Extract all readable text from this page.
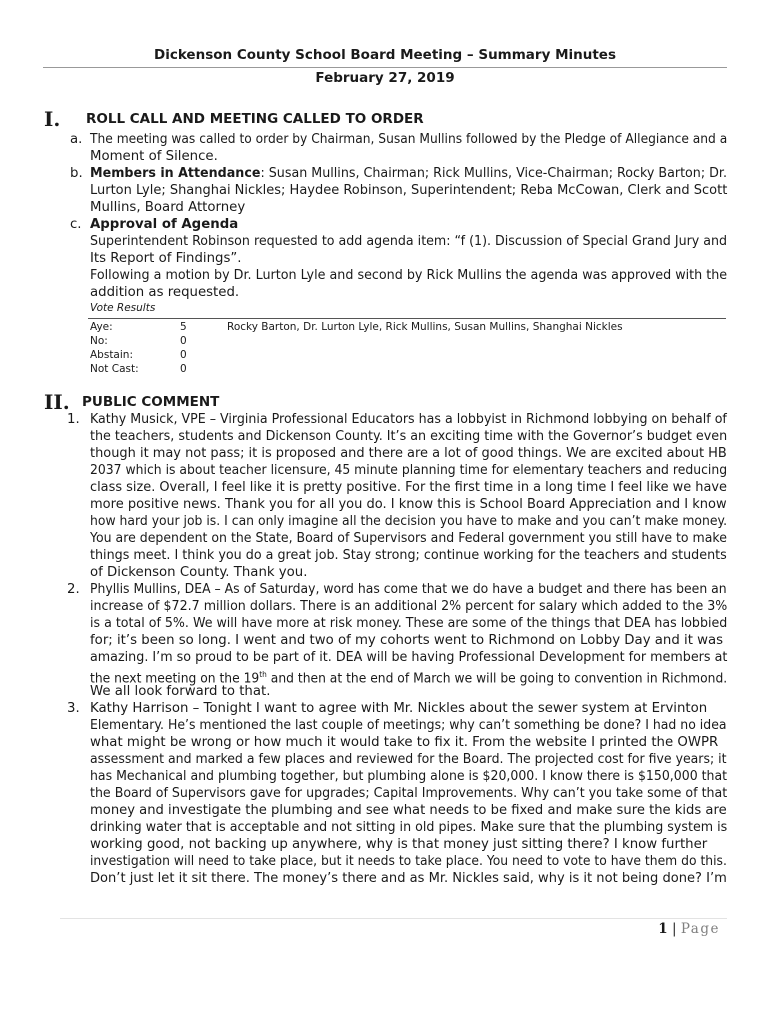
Dickenson County School Board Meeting – Summary Minutes
February 27, 2019
I. ROLL CALL AND MEETING CALLED TO ORDER
a. The meeting was called to order by Chairman, Susan Mullins followed by the Pledge of Allegiance and a
Moment of Silence.
b. Members in Attendance: Susan Mullins, Chairman; Rick Mullins, Vice-Chairman; Rocky Barton; Dr.
Lurton Lyle; Shanghai Nickles; Haydee Robinson, Superintendent; Reba McCowan, Clerk and Scott
Mullins, Board Attorney
c. Approval of Agenda
Superintendent Robinson requested to add agenda item: “f (1). Discussion of Special Grand Jury and
Its Report of Findings”.
Following a motion by Dr. Lurton Lyle and second by Rick Mullins the agenda was approved with the
addition as requested.
Vote Results
Aye:	5	Rocky Barton, Dr. Lurton Lyle, Rick Mullins, Susan Mullins, Shanghai Nickles
No:	0
Abstain:	0
Not Cast:	0
II. PUBLIC COMMENT
1. Kathy Musick, VPE – Virginia Professional Educators has a lobbyist in Richmond lobbying on behalf of
the teachers, students and Dickenson County. It’s an exciting time with the Governor’s budget even
though it may not pass; it is proposed and there are a lot of good things. We are excited about HB
2037 which is about teacher licensure, 45 minute planning time for elementary teachers and reducing
class size. Overall, I feel like it is pretty positive. For the first time in a long time I feel like we have
more positive news. Thank you for all you do. I know this is School Board Appreciation and I know
how hard your job is. I can only imagine all the decision you have to make and you can’t make money.
You are dependent on the State, Board of Supervisors and Federal government you still have to make
things meet. I think you do a great job. Stay strong; continue working for the teachers and students
of Dickenson County. Thank you.
2. Phyllis Mullins, DEA – As of Saturday, word has come that we do have a budget and there has been an
increase of $72.7 million dollars. There is an additional 2% percent for salary which added to the 3%
is a total of 5%. We will have more at risk money. These are some of the things that DEA has lobbied
for; it’s been so long. I went and two of my cohorts went to Richmond on Lobby Day and it was
amazing. I’m so proud to be part of it. DEA will be having Professional Development for members at
the next meeting on the 19th and then at the end of March we will be going to convention in Richmond.
We all look forward to that.
3. Kathy Harrison – Tonight I want to agree with Mr. Nickles about the sewer system at Ervinton
Elementary. He’s mentioned the last couple of meetings; why can’t something be done? I had no idea
what might be wrong or how much it would take to fix it. From the website I printed the OWPR
assessment and marked a few places and reviewed for the Board. The projected cost for five years; it
has Mechanical and plumbing together, but plumbing alone is $20,000. I know there is $150,000 that
the Board of Supervisors gave for upgrades; Capital Improvements. Why can’t you take some of that
money and investigate the plumbing and see what needs to be fixed and make sure the kids are
drinking water that is acceptable and not sitting in old pipes. Make sure that the plumbing system is
working good, not backing up anywhere, why is that money just sitting there? I know further
investigation will need to take place, but it needs to take place. You need to vote to have them do this.
Don’t just let it sit there. The money’s there and as Mr. Nickles said, why is it not being done? I’m
1 | Page
